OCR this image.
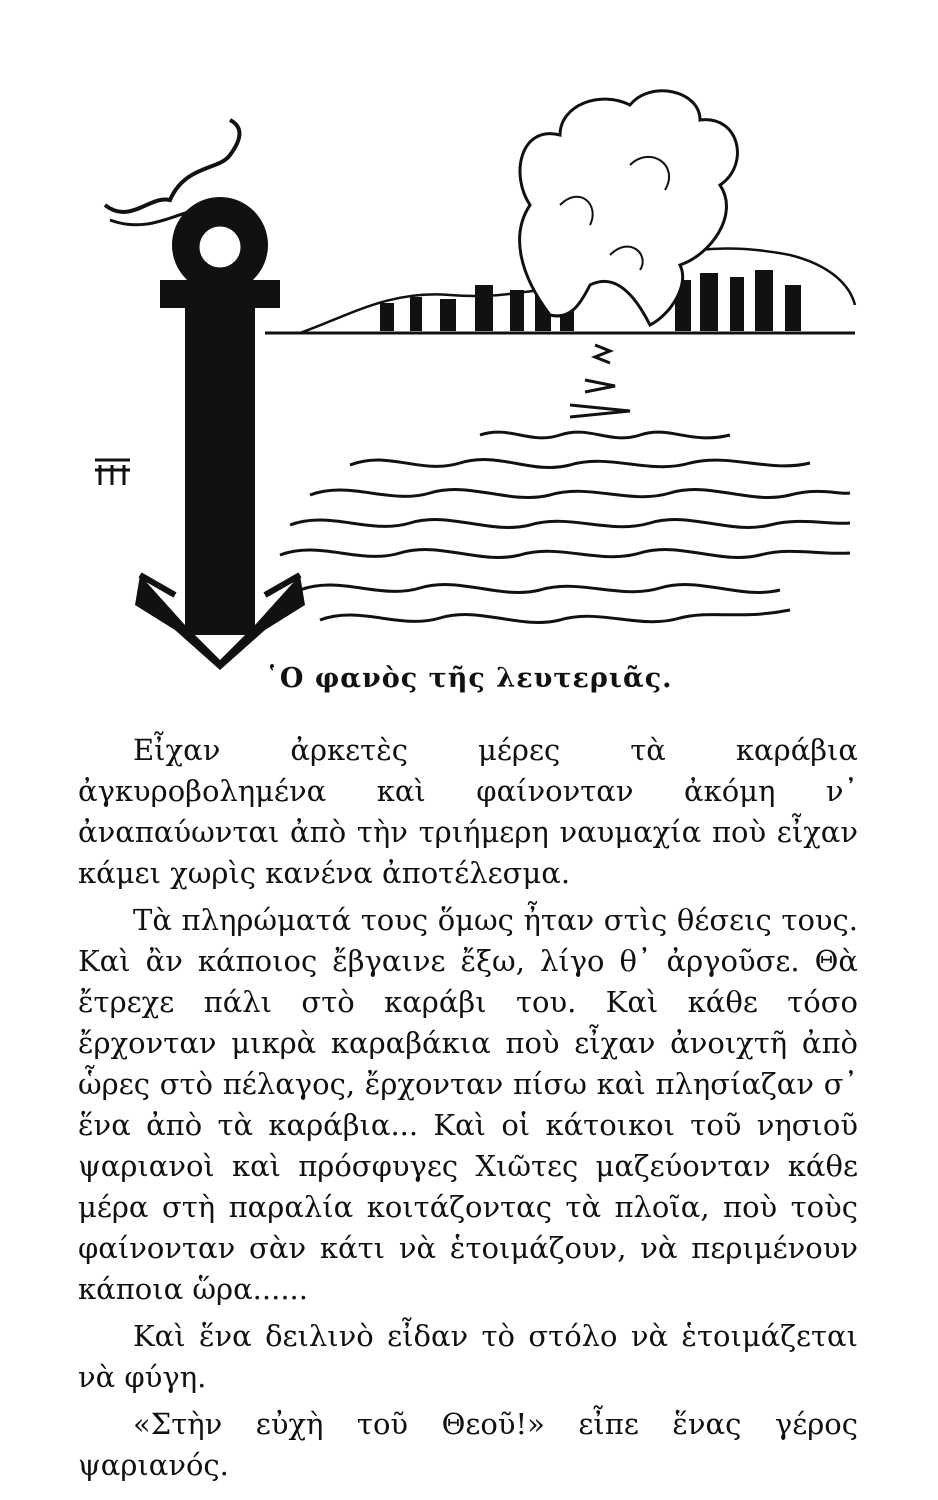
῾Ο φανὸς τῆς λευτεριᾶς.

Εἶχαν ἀρκετὲς μέρες τὰ καράβια ἀγκυροβολημένα καὶ φαίνονταν ἀκόμη ν᾿ ἀναπαύωνται ἀπὸ τὴν τριήμερη ναυμαχία ποὺ εἶχαν κάμει χωρὶς κανένα ἀποτέλεσμα.

Τὰ πληρώματά τους ὅμως ἦταν στὶς θέσεις τους. Καὶ ἂν κάποιος ἔβγαινε ἔξω, λίγο θ᾿ ἀργοῦσε. Θὰ ἔτρεχε πάλι στὸ καράβι του. Καὶ κάθε τόσο ἔρχονταν μικρὰ καραβάκια ποὺ εἶχαν ἀνοιχτῆ ἀπὸ ὧρες στὸ πέλαγος, ἔρχονταν πίσω καὶ πλησίαζαν σ᾿ ἕνα ἀπὸ τὰ καράβια... Καὶ οἱ κάτοικοι τοῦ νησιοῦ ψαριανοὶ καὶ πρόσφυγες Χιῶτες μαζεύονταν κάθε μέρα στὴ παραλία κοιτάζοντας τὰ πλοῖα, ποὺ τοὺς φαίνονταν σὰν κάτι νὰ ἑτοιμάζουν, νὰ περιμένουν κάποια ὥρα......

Καὶ ἕνα δειλινὸ εἶδαν τὸ στόλο νὰ ἑτοιμάζεται νὰ φύγη.

«Στὴν εὐχὴ τοῦ Θεοῦ!» εἶπε ἕνας γέρος ψαριανός.
